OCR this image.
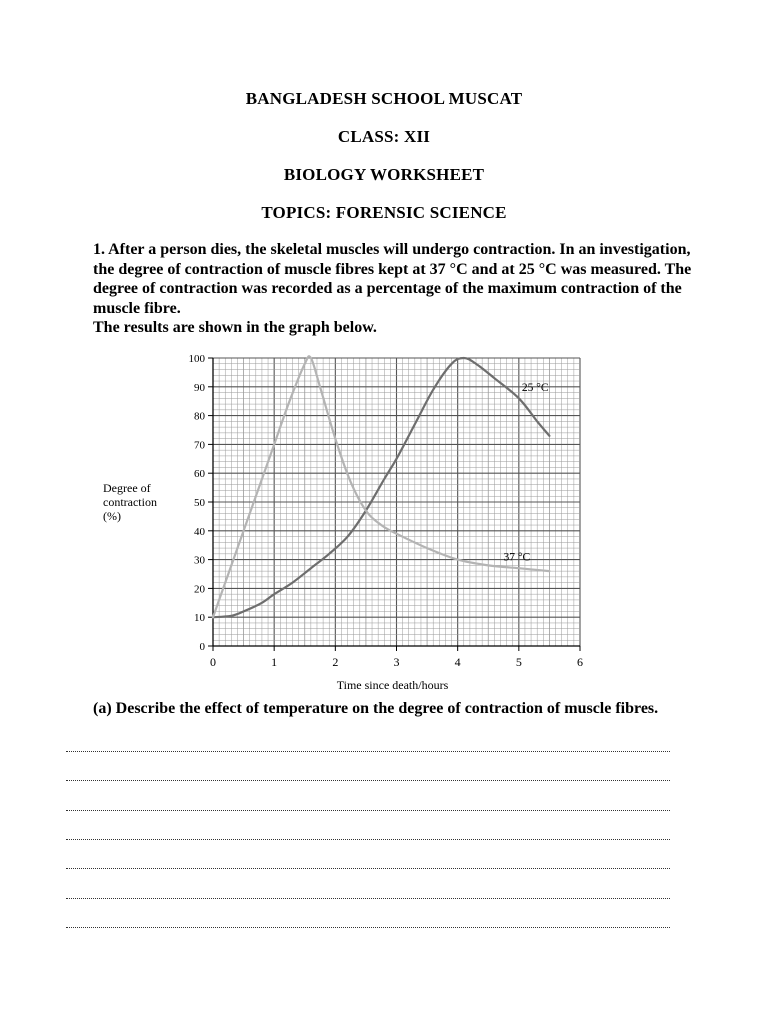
BANGLADESH SCHOOL MUSCAT
CLASS: XII
BIOLOGY WORKSHEET
TOPICS: FORENSIC SCIENCE

1. After a person dies, the skeletal muscles will undergo contraction. In an investigation, the degree of contraction of muscle fibres kept at 37 °C and at 25 °C was measured. The degree of contraction was recorded as a percentage of the maximum contraction of the muscle fibre.

The results are shown in the graph below.

0	1	2	3	4	5	6
0
10
20
30
40
50
60
70
80
90
100
25 °C
37 °C
Time since death/hours
Degree of
contraction
(%)
(a) Describe the effect of temperature on the degree of contraction of muscle fibres.
